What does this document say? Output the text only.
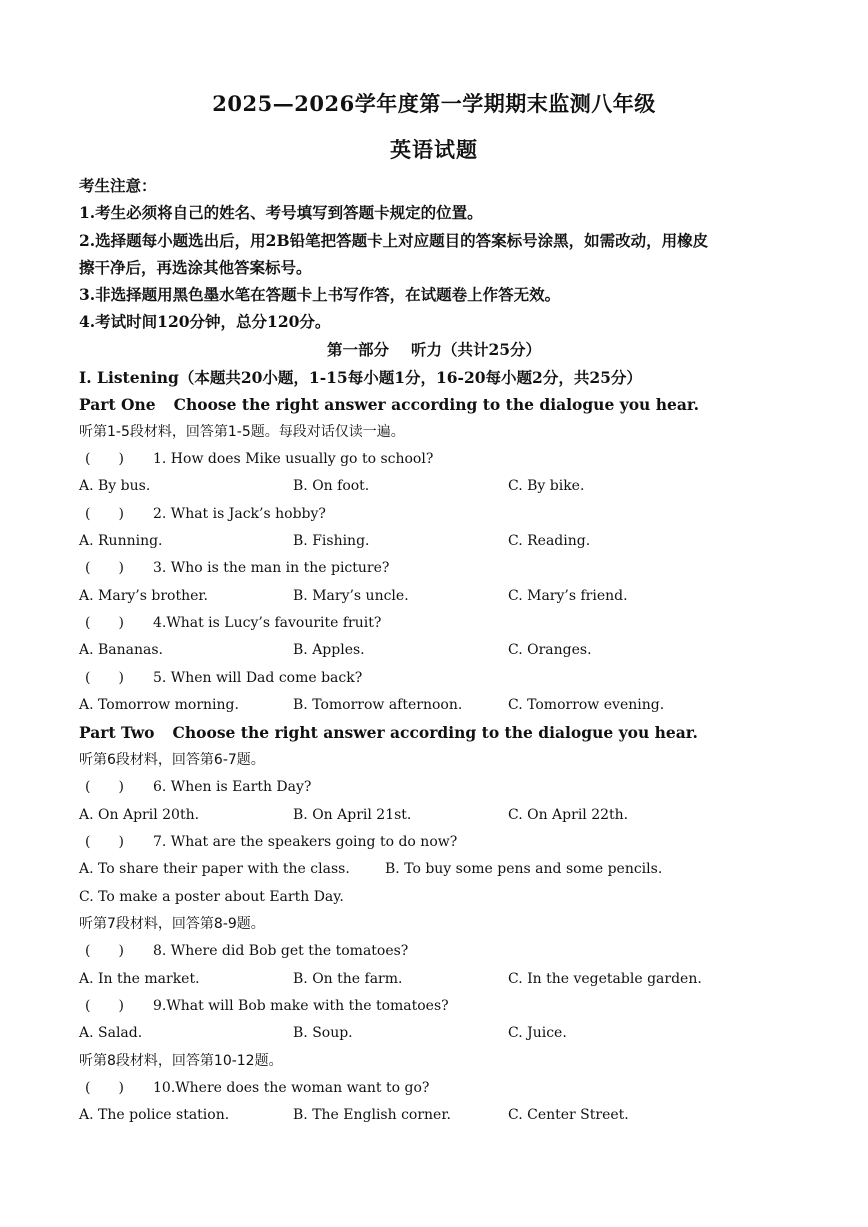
2025—2026学年度第一学期期末监测八年级
英语试题
考生注意：
1.考生必须将自己的姓名、考号填写到答题卡规定的位置。
2.选择题每小题选出后，用2B铅笔把答题卡上对应题目的答案标号涂黑，如需改动，用橡皮
擦干净后，再选涂其他答案标号。
3.非选择题用黑色墨水笔在答题卡上书写作答，在试题卷上作答无效。
4.考试时间120分钟，总分120分。
第一部分 听力（共计25分）
I. Listening（本题共20小题，1-15每小题1分，16-20每小题2分，共25分）
Part One Choose the right answer according to the dialogue you hear.
听第1-5段材料，回答第1-5题。每段对话仅读一遍。
(　　) 1. How does Mike usually go to school?
A. By bus.	B. On foot.	C. By bike.
(　　) 2. What is Jack’s hobby?
A. Running.	B. Fishing.	C. Reading.
(　　) 3. Who is the man in the picture?
A. Mary’s brother.	B. Mary’s uncle.	C. Mary’s friend.
(　　) 4.What is Lucy’s favourite fruit?
A. Bananas.	B. Apples.	C. Oranges.
(　　) 5. When will Dad come back?
A. Tomorrow morning.	B. Tomorrow afternoon.	C. Tomorrow evening.
Part Two Choose the right answer according to the dialogue you hear.
听第6段材料，回答第6-7题。
(　　) 6. When is Earth Day?
A. On April 20th.	B. On April 21st.	C. On April 22th.
(　　) 7. What are the speakers going to do now?
A. To share their paper with the class.	B. To buy some pens and some pencils.
C. To make a poster about Earth Day.
听第7段材料，回答第8-9题。
(　　) 8. Where did Bob get the tomatoes?
A. In the market.	B. On the farm.	C. In the vegetable garden.
(　　) 9.What will Bob make with the tomatoes?
A. Salad.	B. Soup.	C. Juice.
听第8段材料，回答第10-12题。
(　　) 10.Where does the woman want to go?
A. The police station.	B. The English corner.	C. Center Street.
